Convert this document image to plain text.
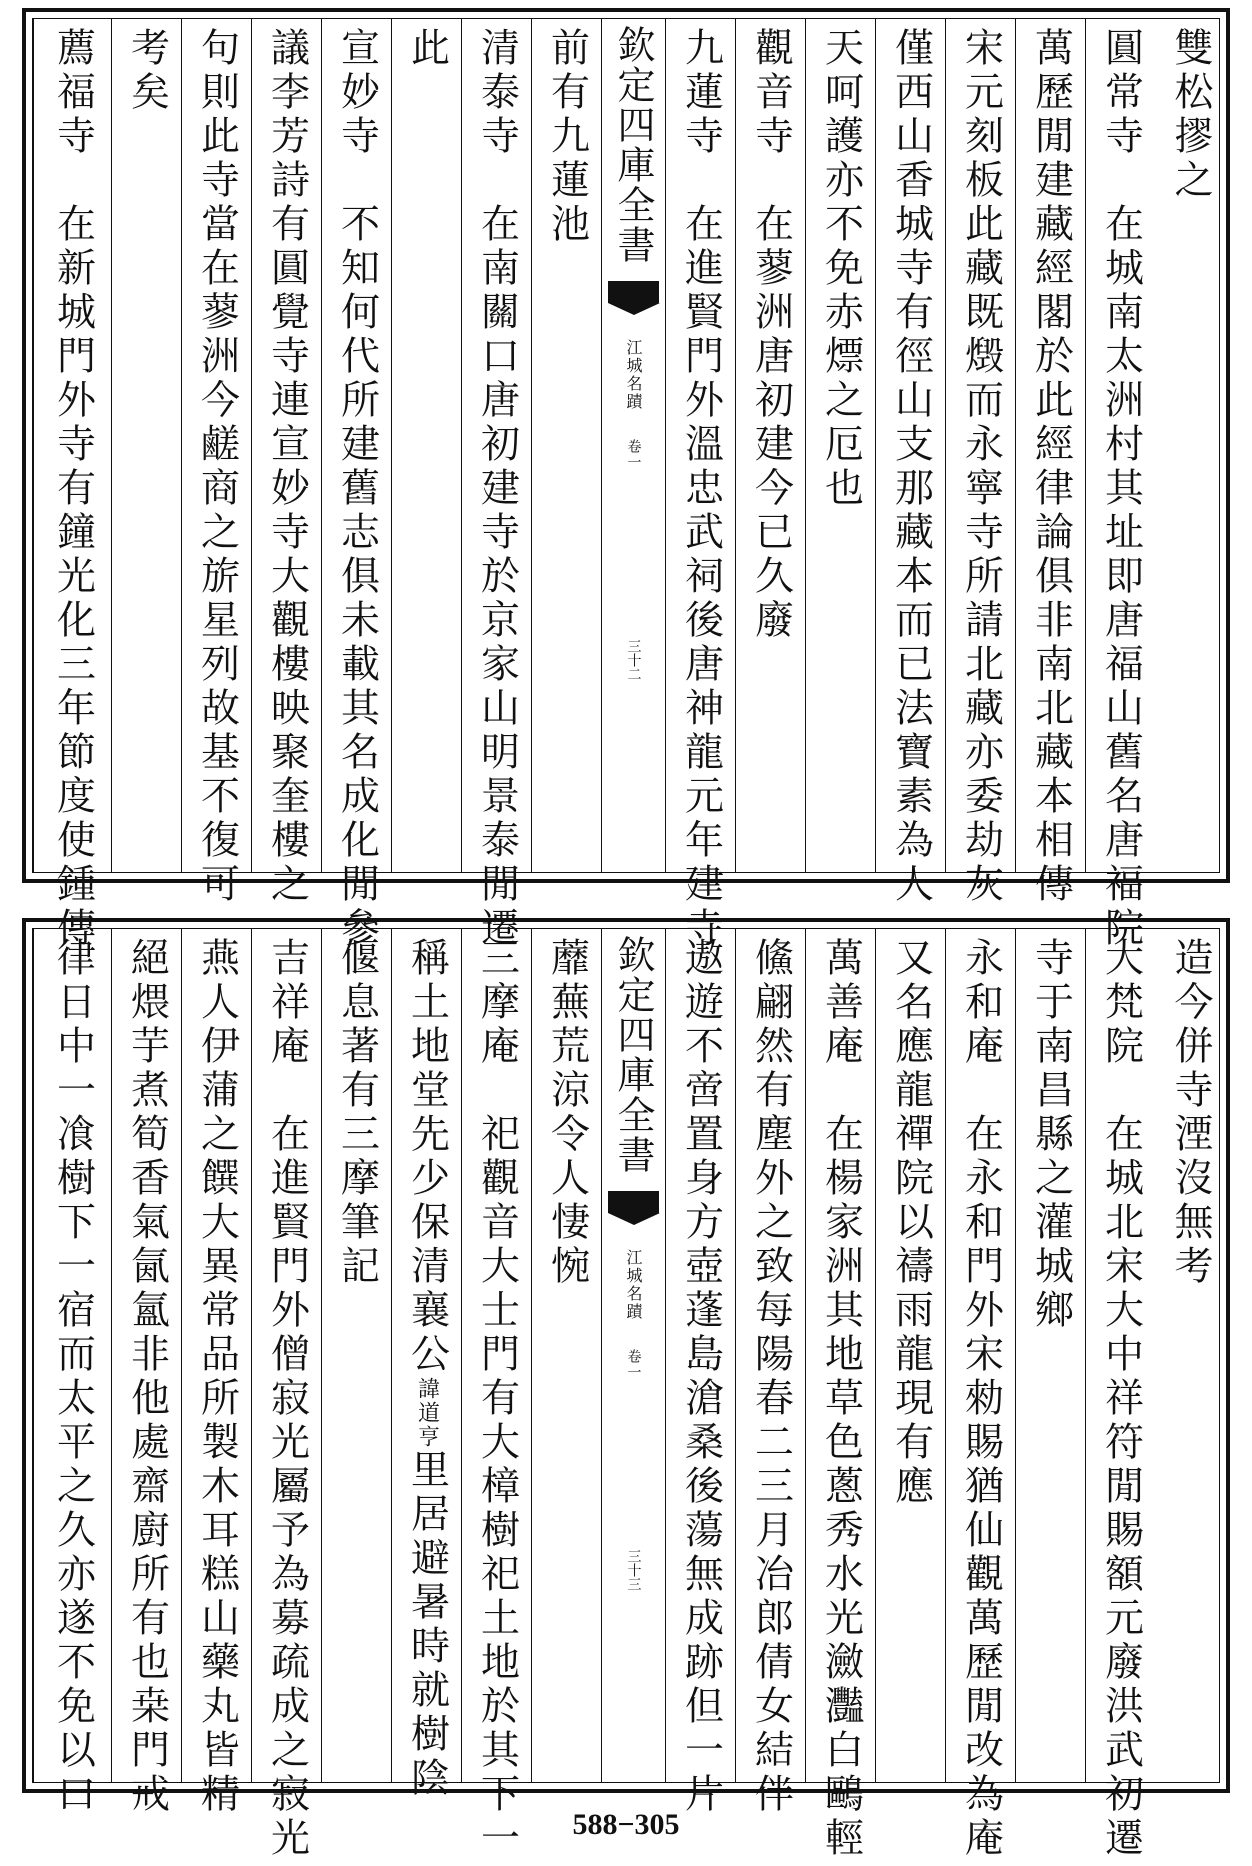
雙松摎之
圓常寺　在城南太洲村其址即唐福山舊名唐福院
萬歷閒建藏經閣於此經律論俱非南北藏本相傳
宋元刻板此藏既燬而永寧寺所請北藏亦委劫灰
僅西山香城寺有徑山支那藏本而已法寶素為人
天呵護亦不免赤熛之厄也
觀音寺　在蓼洲唐初建今已久廢
九蓮寺　在進賢門外溫忠武祠後唐神龍元年建寺
欽定四庫全書
江城名蹟
卷一
三十二
前有九蓮池
清泰寺　在南關口唐初建寺於京家山明景泰閒遷
此
宣妙寺　不知何代所建舊志俱未載其名成化閒參
議李芳詩有圓覺寺連宣妙寺大觀樓映聚奎樓之
句則此寺當在蓼洲今鹺商之旂星列故基不復可
考矣
薦福寺　在新城門外寺有鐘光化三年節度使鍾傳
造今併寺湮沒無考
大梵院　在城北宋大中祥符閒賜額元廢洪武初遷
寺于南昌縣之灌城鄉
永和庵　在永和門外宋勑賜猶仙觀萬歷閒改為庵
又名應龍禪院以禱雨龍現有應
萬善庵　在楊家洲其地草色蔥秀水光瀲灩白鷗輕
鯈翩然有塵外之致每陽春二三月冶郎倩女結伴
遨遊不啻置身方壺蓬島滄桑後蕩無成跡但一片
欽定四庫全書
江城名蹟
卷一
三十三
蘼蕪荒涼令人悽惋
三摩庵　祀觀音大士門有大樟樹祀土地於其下一
稱土地堂先少保清襄公諱道亨里居避暑時就樹陰
偃息著有三摩筆記
吉祥庵　在進賢門外僧寂光屬予為募疏成之寂光
燕人伊蒲之饌大異常品所製木耳糕山藥丸皆精
絕煨芋煮筍香氣氤氳非他處齋廚所有也桒門戒
律日中一飡樹下一宿而太平之久亦遂不免以口
588−305
